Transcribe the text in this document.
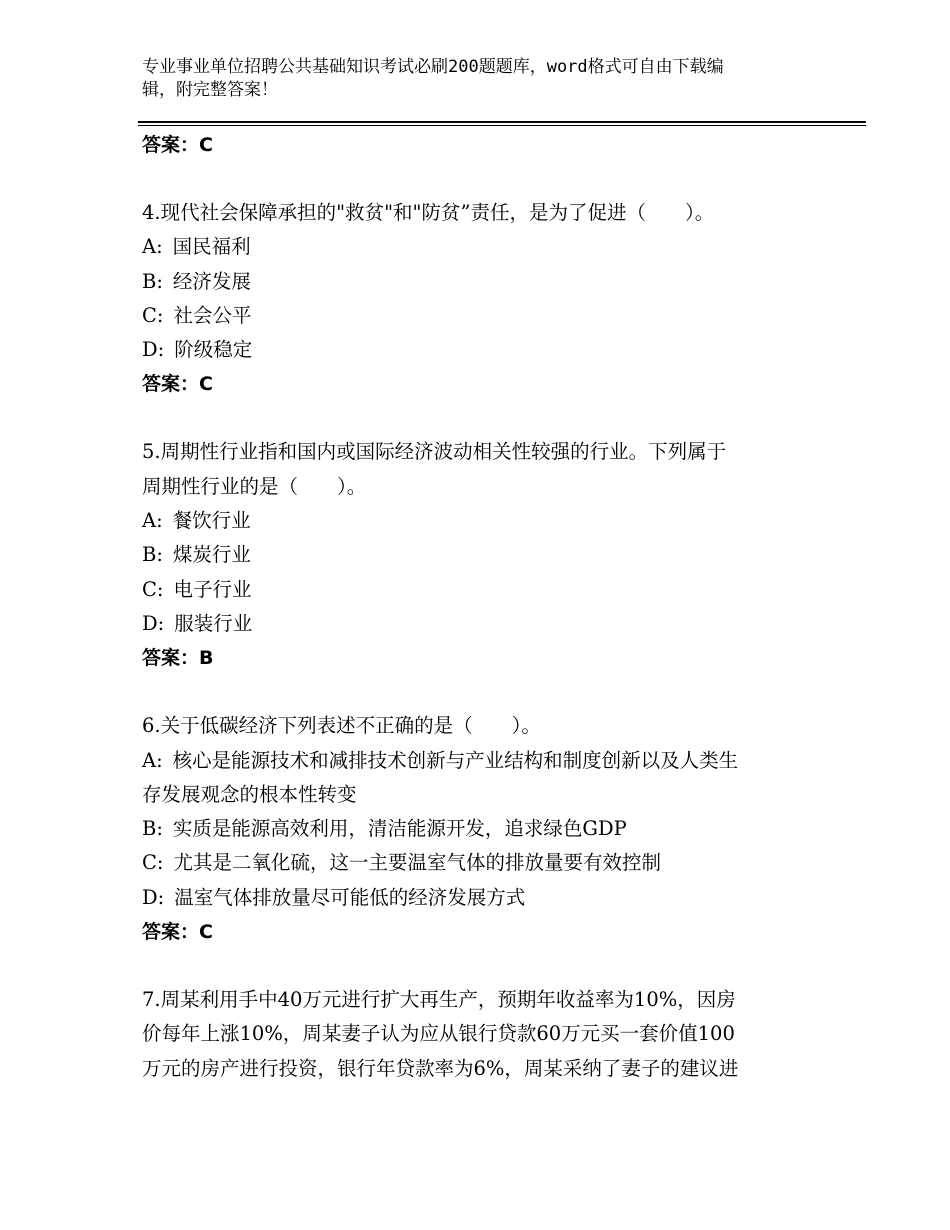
专业事业单位招聘公共基础知识考试必刷200题题库，word格式可自由下载编
辑，附完整答案！
答案：C
4.现代社会保障承担的"救贫"和"防贫”责任，是为了促进（　　）。
A: 国民福利
B: 经济发展
C: 社会公平
D: 阶级稳定
答案：C
5.周期性行业指和国内或国际经济波动相关性较强的行业。下列属于
周期性行业的是（　　）。
A: 餐饮行业
B: 煤炭行业
C: 电子行业
D: 服装行业
答案：B
6.关于低碳经济下列表述不正确的是（　　）。
A: 核心是能源技术和减排技术创新与产业结构和制度创新以及人类生
存发展观念的根本性转变
B: 实质是能源高效利用，清洁能源开发，追求绿色GDP
C: 尤其是二氧化硫，这一主要温室气体的排放量要有效控制
D: 温室气体排放量尽可能低的经济发展方式
答案：C
7.周某利用手中40万元进行扩大再生产，预期年收益率为10%，因房
价每年上涨10%，周某妻子认为应从银行贷款60万元买一套价值100
万元的房产进行投资，银行年贷款率为6%，周某采纳了妻子的建议进
